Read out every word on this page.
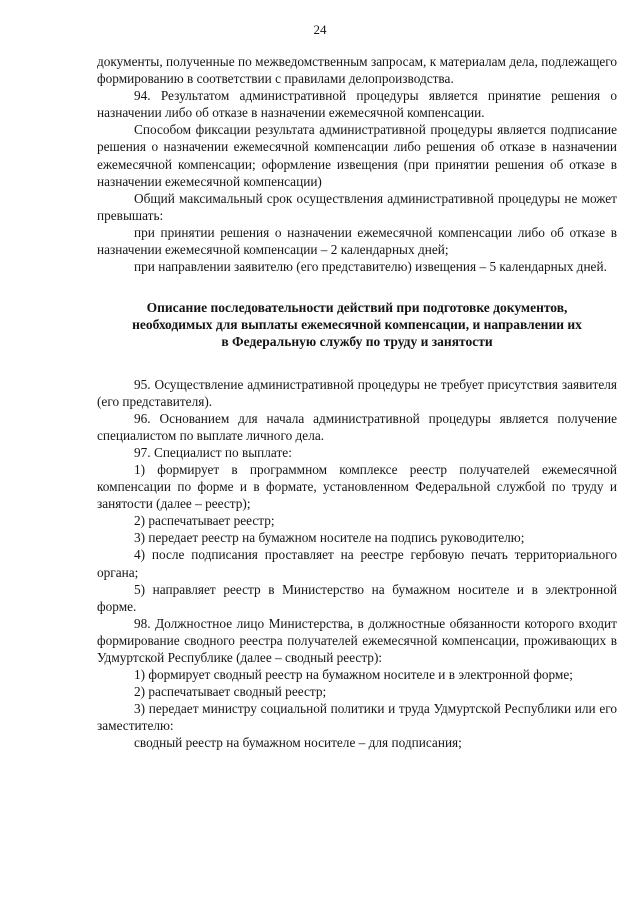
24

документы, полученные по межведомственным запросам, к материалам дела, подлежащего формированию в соответствии с правилами делопроизводства.

94. Результатом административной процедуры является принятие решения о назначении либо об отказе в назначении ежемесячной компенсации.

Способом фиксации результата административной процедуры является подписание решения о назначении ежемесячной компенсации либо решения об отказе в назначении ежемесячной компенсации; оформление извещения (при принятии решения об отказе в назначении ежемесячной компенсации)

Общий максимальный срок осуществления административной процедуры не может превышать:

при принятии решения о назначении ежемесячной компенсации либо об отказе в назначении ежемесячной компенсации – 2 календарных дней;

при направлении заявителю (его представителю) извещения – 5 календарных дней.

Описание последовательности действий при подготовке документов,
необходимых для выплаты ежемесячной компенсации, и направлении их
в Федеральную службу по труду и занятости

95. Осуществление административной процедуры не требует присутствия заявителя (его представителя).

96. Основанием для начала административной процедуры является получение специалистом по выплате личного дела.

97. Специалист по выплате:

1) формирует в программном комплексе реестр получателей ежемесячной компенсации по форме и в формате, установленном Федеральной службой по труду и занятости (далее – реестр);

2) распечатывает реестр;

3) передает реестр на бумажном носителе на подпись руководителю;

4) после подписания проставляет на реестре гербовую печать территориального органа;

5) направляет реестр в Министерство на бумажном носителе и в электронной форме.

98. Должностное лицо Министерства, в должностные обязанности которого входит формирование сводного реестра получателей ежемесячной компенсации, проживающих в Удмуртской Республике (далее – сводный реестр):

1) формирует сводный реестр на бумажном носителе и в электронной форме;

2) распечатывает сводный реестр;

3) передает министру социальной политики и труда Удмуртской Республики или его заместителю:

сводный реестр на бумажном носителе – для подписания;
